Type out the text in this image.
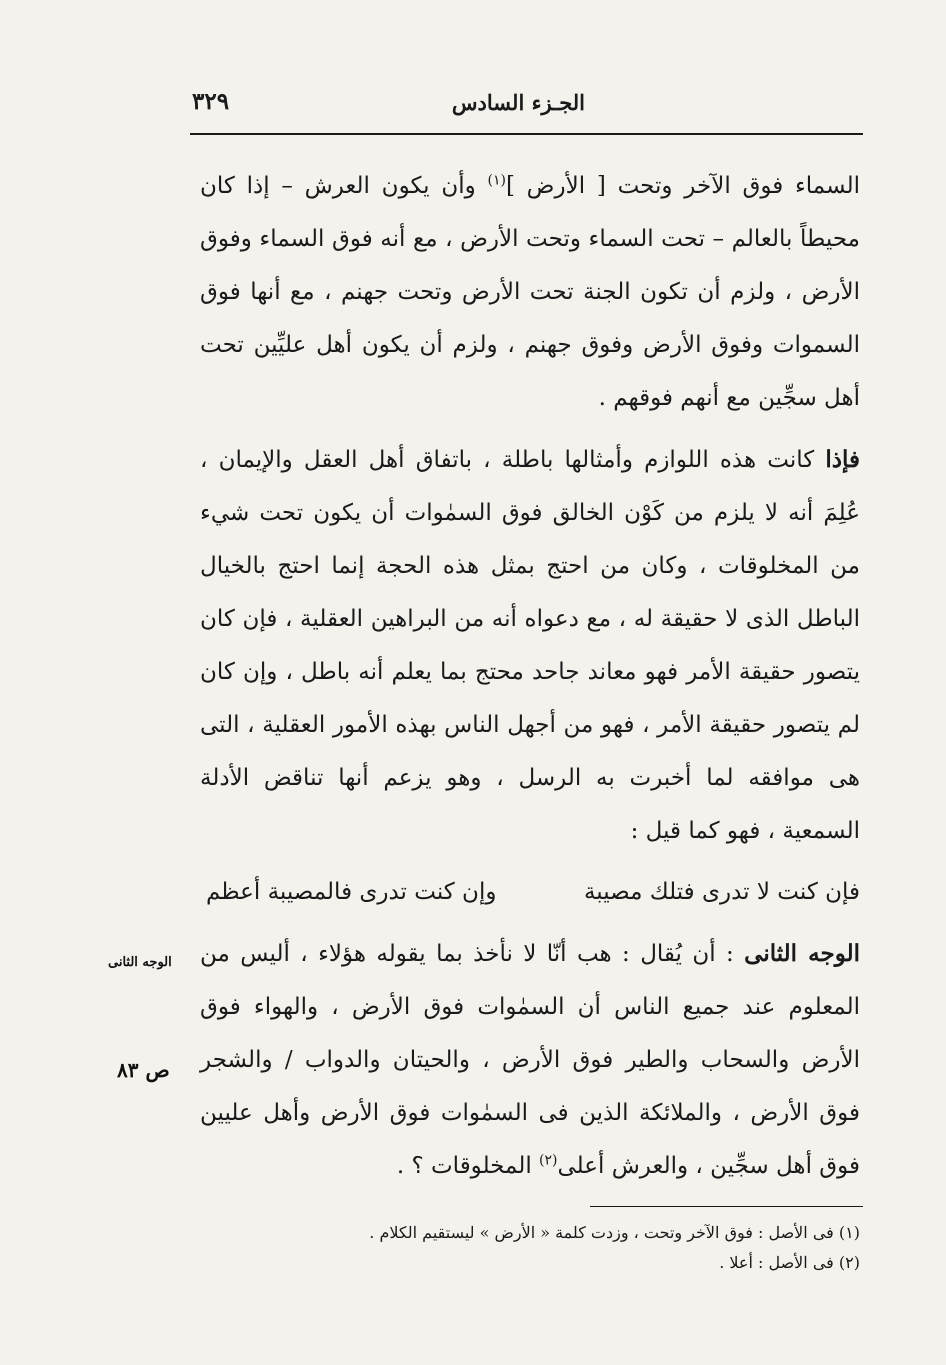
الجـزء السادس
٣٢٩

السماء فوق الآخر وتحت [ الأرض ]$^{(١)}$ وأن يكون العرش – إذا كان محيطاً بالعالم – تحت السماء وتحت الأرض ، مع أنه فوق السماء وفوق الأرض ، ولزم أن تكون الجنة تحت الأرض وتحت جهنم ، مع أنها فوق السموات وفوق الأرض وفوق جهنم ، ولزم أن يكون أهل عليِّين تحت أهل سجِّين مع أنهم فوقهم .

فإذا كانت هذه اللوازم وأمثالها باطلة ، باتفاق أهل العقل والإيمان ، عُلِمَ أنه لا يلزم من كَوْن الخالق فوق السمٰوات أن يكون تحت شيء من المخلوقات ، وكان من احتج بمثل هذه الحجة إنما احتج بالخيال الباطل الذى لا حقيقة له ، مع دعواه أنه من البراهين العقلية ، فإن كان يتصور حقيقة الأمر فهو معاند جاحد محتج بما يعلم أنه باطل ، وإن كان لم يتصور حقيقة الأمر ، فهو من أجهل الناس بهذه الأمور العقلية ، التى هى موافقه لما أخبرت به الرسل ، وهو يزعم أنها تناقض الأدلة السمعية ، فهو كما قيل :

فإن كنت لا تدرى فتلك مصيبة
وإن كنت تدرى فالمصيبة أعظم

الوجه الثانى : أن يُقال : هب أنّا لا نأخذ بما يقوله هؤلاء ، أليس من المعلوم عند جميع الناس أن السمٰوات فوق الأرض ، والهواء فوق الأرض والسحاب والطير فوق الأرض ، والحيتان والدواب / والشجر فوق الأرض ، والملائكة الذين فى السمٰوات فوق الأرض وأهل عليين فوق أهل سجِّين ، والعرش أعلى$^{(٢)}$ المخلوقات ؟ .

الوجه الثانى
ص ٨٣
(١) فى الأصل : فوق الآخر وتحت ، وزدت كلمة « الأرض » ليستقيم الكلام .
(٢) فى الأصل : أعلا .
